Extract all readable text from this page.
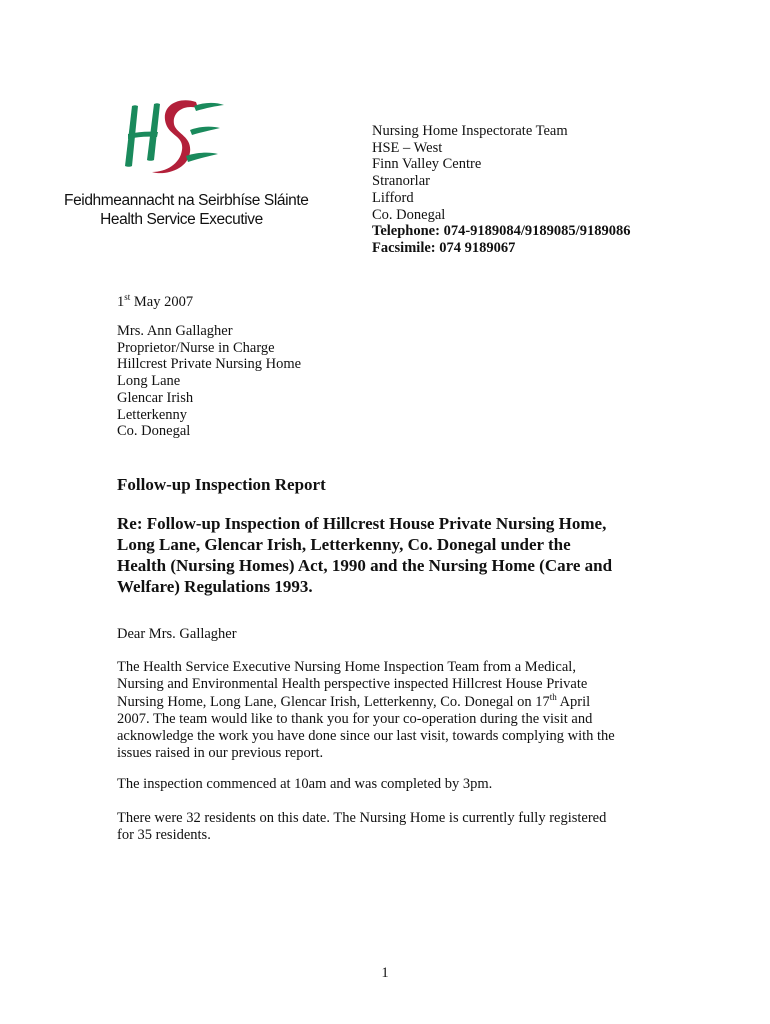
Feidhmeannacht na Seirbhíse Sláinte
Health Service Executive
Nursing Home Inspectorate Team
HSE – West
Finn Valley Centre
Stranorlar
Lifford
Co. Donegal
Telephone: 074-9189084/9189085/9189086
Facsimile: 074 9189067
1st May 2007
Mrs. Ann Gallagher
Proprietor/Nurse in Charge
Hillcrest Private Nursing Home
Long Lane
Glencar Irish
Letterkenny
Co. Donegal
Follow-up Inspection Report
Re: Follow-up Inspection of Hillcrest House Private Nursing Home,
Long Lane, Glencar Irish, Letterkenny, Co. Donegal under the
Health (Nursing Homes) Act, 1990 and the Nursing Home (Care and
Welfare) Regulations 1993.
Dear Mrs. Gallagher
The Health Service Executive Nursing Home Inspection Team from a Medical,
Nursing and Environmental Health perspective inspected Hillcrest House Private
Nursing Home, Long Lane, Glencar Irish, Letterkenny, Co. Donegal on 17th April
2007. The team would like to thank you for your co-operation during the visit and
acknowledge the work you have done since our last visit, towards complying with the
issues raised in our previous report.
The inspection commenced at 10am and was completed by 3pm.
There were 32 residents on this date. The Nursing Home is currently fully registered
for 35 residents.
1
